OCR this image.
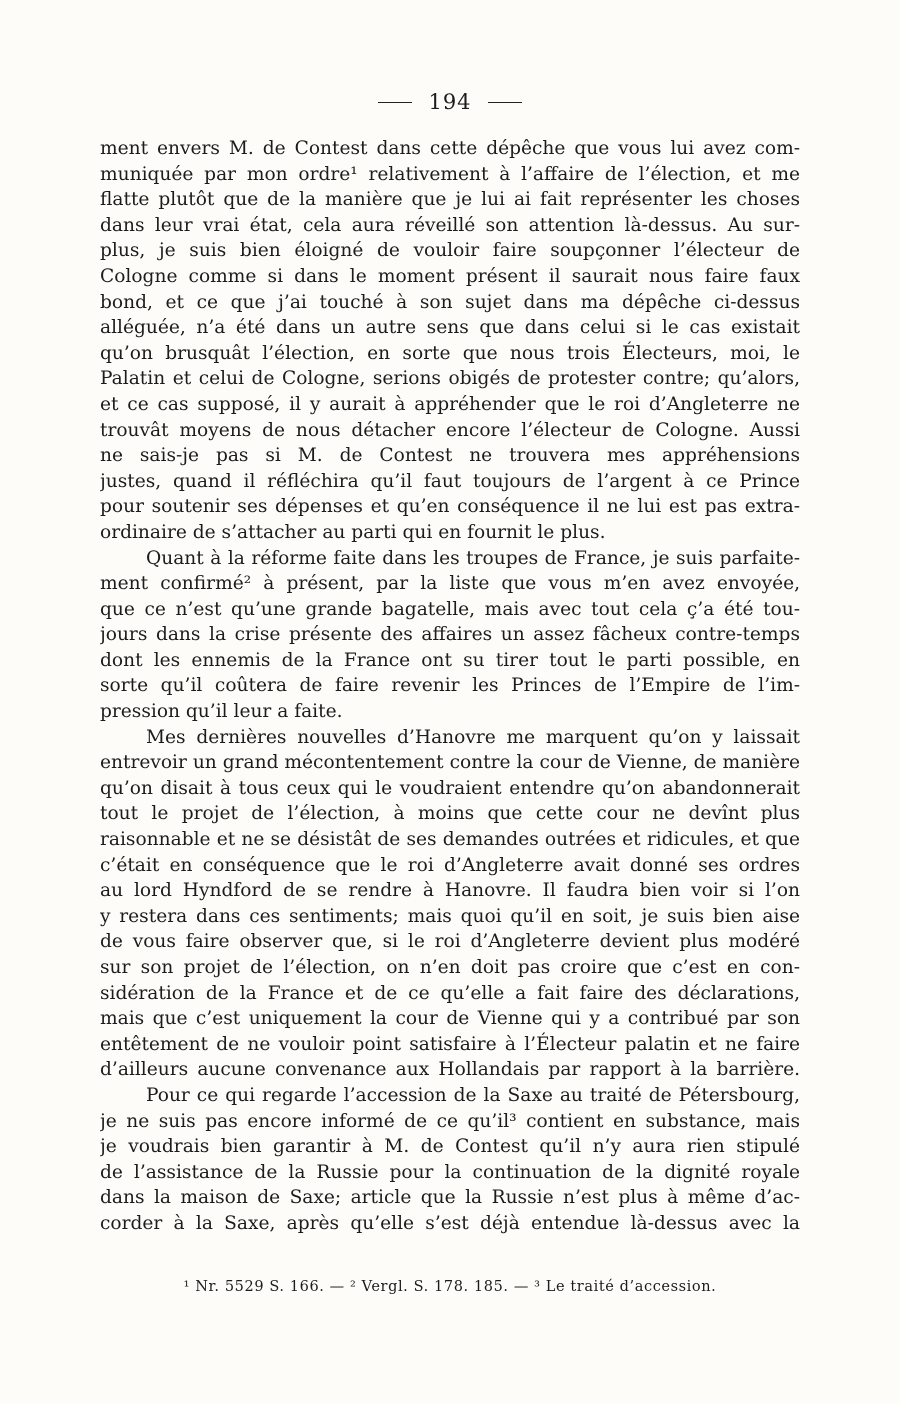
194
ment envers M. de Contest dans cette dépêche que vous lui avez com-
muniquée par mon ordre¹ relativement à l’affaire de l’élection, et me
flatte plutôt que de la manière que je lui ai fait représenter les choses
dans leur vrai état, cela aura réveillé son attention là-dessus. Au sur-
plus, je suis bien éloigné de vouloir faire soupçonner l’électeur de
Cologne comme si dans le moment présent il saurait nous faire faux
bond, et ce que j’ai touché à son sujet dans ma dépêche ci-dessus
alléguée, n’a été dans un autre sens que dans celui si le cas existait
qu’on brusquât l’élection, en sorte que nous trois Électeurs, moi, le
Palatin et celui de Cologne, serions obigés de protester contre; qu’alors,
et ce cas supposé, il y aurait à appréhender que le roi d’Angleterre ne
trouvât moyens de nous détacher encore l’électeur de Cologne. Aussi
ne sais-je pas si M. de Contest ne trouvera mes appréhensions
justes, quand il réfléchira qu’il faut toujours de l’argent à ce Prince
pour soutenir ses dépenses et qu’en conséquence il ne lui est pas extra-
ordinaire de s’attacher au parti qui en fournit le plus.
Quant à la réforme faite dans les troupes de France, je suis parfaite-
ment confirmé² à présent, par la liste que vous m’en avez envoyée,
que ce n’est qu’une grande bagatelle, mais avec tout cela ç’a été tou-
jours dans la crise présente des affaires un assez fâcheux contre-temps
dont les ennemis de la France ont su tirer tout le parti possible, en
sorte qu’il coûtera de faire revenir les Princes de l’Empire de l’im-
pression qu’il leur a faite.
Mes dernières nouvelles d’Hanovre me marquent qu’on y laissait
entrevoir un grand mécontentement contre la cour de Vienne, de manière
qu’on disait à tous ceux qui le voudraient entendre qu’on abandonnerait
tout le projet de l’élection, à moins que cette cour ne devînt plus
raisonnable et ne se désistât de ses demandes outrées et ridicules, et que
c’était en conséquence que le roi d’Angleterre avait donné ses ordres
au lord Hyndford de se rendre à Hanovre. Il faudra bien voir si l’on
y restera dans ces sentiments; mais quoi qu’il en soit, je suis bien aise
de vous faire observer que, si le roi d’Angleterre devient plus modéré
sur son projet de l’élection, on n’en doit pas croire que c’est en con-
sidération de la France et de ce qu’elle a fait faire des déclarations,
mais que c’est uniquement la cour de Vienne qui y a contribué par son
entêtement de ne vouloir point satisfaire à l’Électeur palatin et ne faire
d’ailleurs aucune convenance aux Hollandais par rapport à la barrière.
Pour ce qui regarde l’accession de la Saxe au traité de Pétersbourg,
je ne suis pas encore informé de ce qu’il³ contient en substance, mais
je voudrais bien garantir à M. de Contest qu’il n’y aura rien stipulé
de l’assistance de la Russie pour la continuation de la dignité royale
dans la maison de Saxe; article que la Russie n’est plus à même d’ac-
corder à la Saxe, après qu’elle s’est déjà entendue là-dessus avec la
¹ Nr. 5529 S. 166. — ² Vergl. S. 178. 185. — ³ Le traité d’accession.
